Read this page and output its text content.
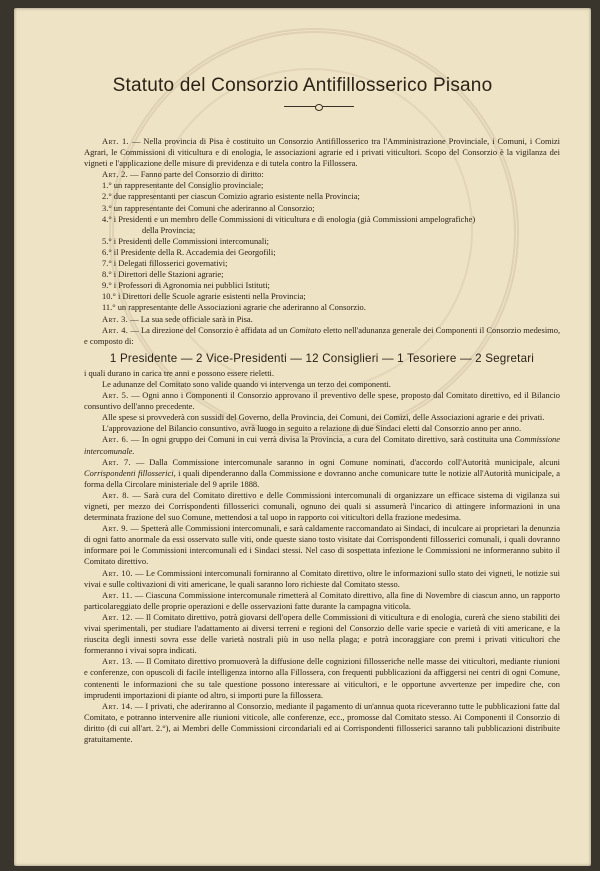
Statuto del Consorzio Antifillosserico Pisano

Art. 1. — Nella provincia di Pisa è costituito un Consorzio Antifillosserico tra l'Amministrazione Provinciale, i Comuni, i Comizi Agrari, le Commissioni di viticultura e di enologia, le associazioni agrarie ed i privati viticultori. Scopo del Consorzio è la vigilanza dei vigneti e l'applicazione delle misure di previdenza e di tutela contro la Fillossera.

Art. 2. — Fanno parte del Consorzio di diritto:

1.° un rappresentante del Consiglio provinciale;

2.° due rappresentanti per ciascun Comizio agrario esistente nella Provincia;

3.° un rappresentante dei Comuni che aderiranno al Consorzio;

4.° i Presidenti e un membro delle Commissioni di viticultura e di enologia (già Commissioni ampelografiche)

della Provincia;

5.° i Presidenti delle Commissioni intercomunali;

6.° il Presidente della R. Accademia dei Georgofili;

7.° i Delegati fillosserici governativi;

8.° i Direttori delle Stazioni agrarie;

9.° i Professori di Agronomia nei pubblici Istituti;

10.° i Direttori delle Scuole agrarie esistenti nella Provincia;

11.° un rappresentante delle Associazioni agrarie che aderiranno al Consorzio.

Art. 3. — La sua sede officiale sarà in Pisa.

Art. 4. — La direzione del Consorzio è affidata ad un Comitato eletto nell'adunanza generale dei Componenti il Consorzio medesimo, e composto di:

1 Presidente — 2 Vice-Presidenti — 12 Consiglieri — 1 Tesoriere — 2 Segretari

i quali durano in carica tre anni e possono essere rieletti.

Le adunanze del Comitato sono valide quando vi intervenga un terzo dei componenti.

Art. 5. — Ogni anno i Componenti il Consorzio approvano il preventivo delle spese, proposto dal Comitato direttivo, ed il Bilancio consuntivo dell'anno precedente.

Alle spese si provvederà con sussidi del Governo, della Provincia, dei Comuni, dei Comizi, delle Associazioni agrarie e dei privati.

L'approvazione del Bilancio consuntivo, avrà luogo in seguito a relazione di due Sindaci eletti dal Consorzio anno per anno.

Art. 6. — In ogni gruppo dei Comuni in cui verrà divisa la Provincia, a cura del Comitato direttivo, sarà costituita una Commissione intercomunale.

Art. 7. — Dalla Commissione intercomunale saranno in ogni Comune nominati, d'accordo coll'Autorità municipale, alcuni Corrispondenti fillosserici, i quali dipenderanno dalla Commissione e dovranno anche comunicare tutte le notizie all'Autorità municipale, a forma della Circolare ministeriale del 9 aprile 1888.

Art. 8. — Sarà cura del Comitato direttivo e delle Commissioni intercomunali di organizzare un efficace sistema di vigilanza sui vigneti, per mezzo dei Corrispondenti fillosserici comunali, ognuno dei quali si assumerà l'incarico di attingere informazioni in una determinata frazione del suo Comune, mettendosi a tal uopo in rapporto coi viticultori della frazione medesima.

Art. 9. — Spetterà alle Commissioni intercomunali, e sarà caldamente raccomandato ai Sindaci, di inculcare ai proprietari la denunzia di ogni fatto anormale da essi osservato sulle viti, onde queste siano tosto visitate dai Corrispondenti fillosserici comunali, i quali dovranno informare poi le Commissioni intercomunali ed i Sindaci stessi. Nel caso di sospettata infezione le Commissioni ne informeranno subito il Comitato direttivo.

Art. 10. — Le Commissioni intercomunali forniranno al Comitato direttivo, oltre le informazioni sullo stato dei vigneti, le notizie sui vivai e sulle coltivazioni di viti americane, le quali saranno loro richieste dal Comitato stesso.

Art. 11. — Ciascuna Commissione intercomunale rimetterà al Comitato direttivo, alla fine di Novembre di ciascun anno, un rapporto particolareggiato delle proprie operazioni e delle osservazioni fatte durante la campagna viticola.

Art. 12. — Il Comitato direttivo, potrà giovarsi dell'opera delle Commissioni di viticultura e di enologia, curerà che sieno stabiliti dei vivai sperimentali, per studiare l'adattamento ai diversi terreni e regioni del Consorzio delle varie specie e varietà di viti americane, e la riuscita degli innesti sovra esse delle varietà nostrali più in uso nella plaga; e potrà incoraggiare con premi i privati viticultori che formeranno i vivai sopra indicati.

Art. 13. — Il Comitato direttivo promuoverà la diffusione delle cognizioni fillosseriche nelle masse dei viticultori, mediante riunioni e conferenze, con opuscoli di facile intelligenza intorno alla Fillossera, con frequenti pubblicazioni da affiggersi nei centri di ogni Comune, contenenti le informazioni che su tale questione possono interessare ai viticultori, e le opportune avvertenze per impedire che, con imprudenti importazioni di piante od altro, si importi pure la fillossera.

Art. 14. — I privati, che aderiranno al Consorzio, mediante il pagamento di un'annua quota riceveranno tutte le pubblicazioni fatte dal Comitato, e potranno intervenire alle riunioni viticole, alle conferenze, ecc., promosse dal Comitato stesso. Ai Componenti il Consorzio di diritto (di cui all'art. 2.°), ai Membri delle Commissioni circondariali ed ai Corrispondenti fillosserici saranno tali pubblicazioni distribuite gratuitamente.
